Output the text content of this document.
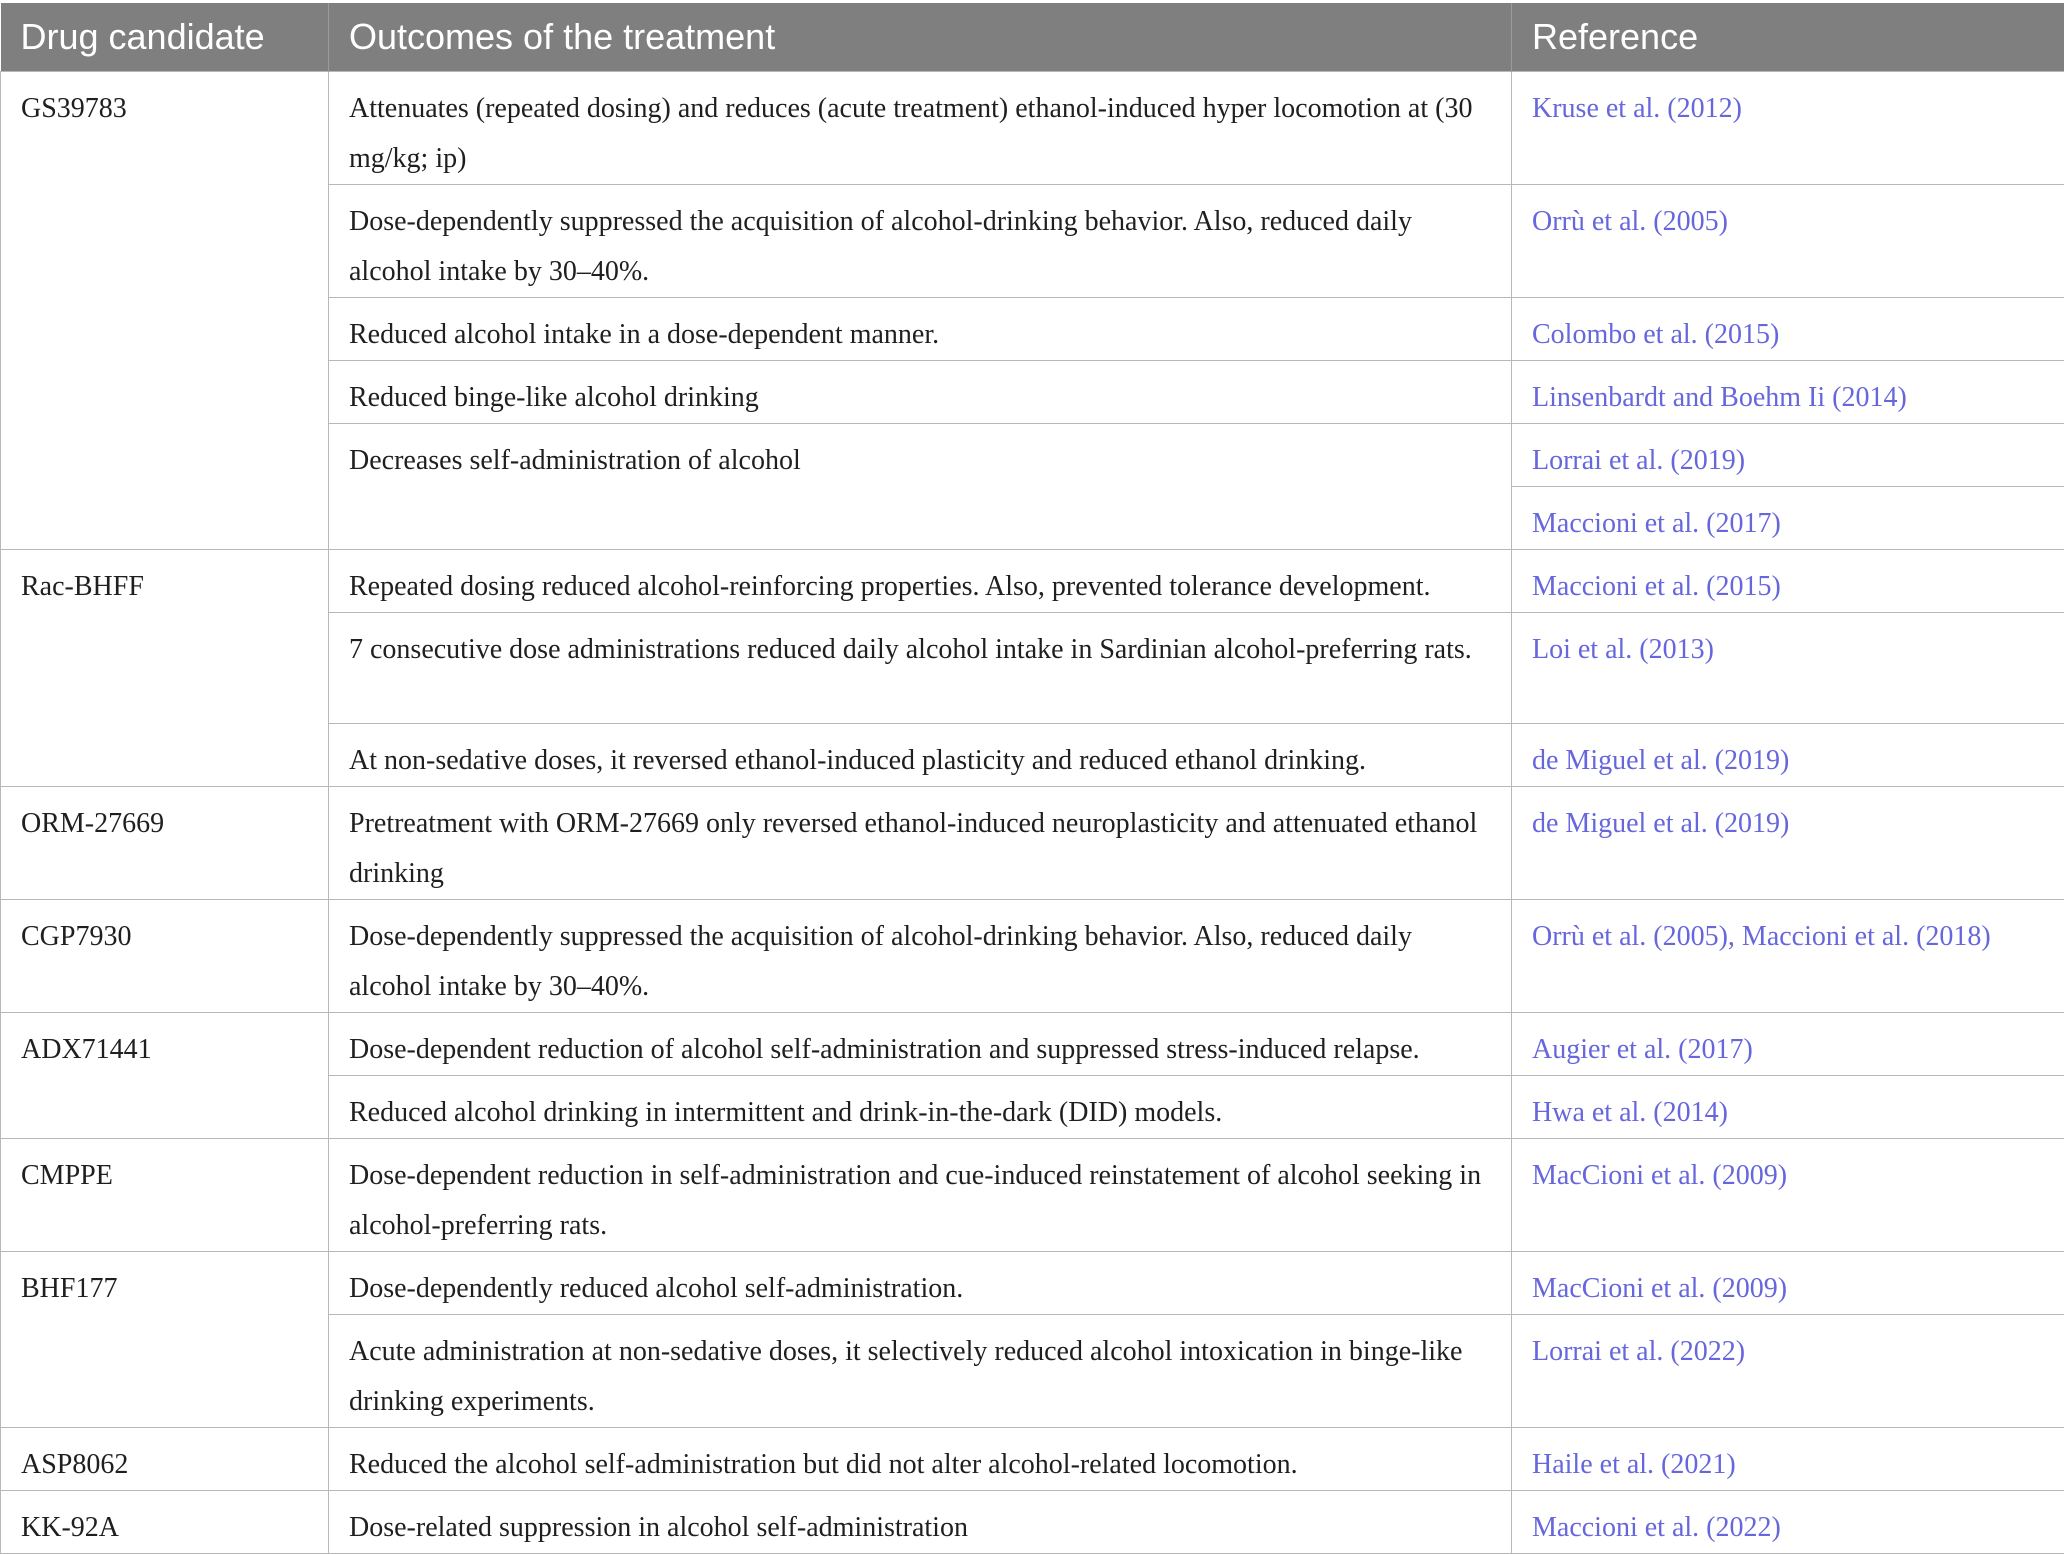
Drug candidate	Outcomes of the treatment	Reference
GS39783	Attenuates (repeated dosing) and reduces (acute treatment) ethanol-induced hyper locomotion at (30 mg/kg; ip)	Kruse et al. (2012)
	Dose-dependently suppressed the acquisition of alcohol-drinking behavior. Also, reduced daily alcohol intake by 30–40%.	Orrù et al. (2005)
	Reduced alcohol intake in a dose-dependent manner.	Colombo et al. (2015)
	Reduced binge-like alcohol drinking	Linsenbardt and Boehm Ii (2014)
	Decreases self-administration of alcohol	Lorrai et al. (2019)
		Maccioni et al. (2017)
Rac-BHFF	Repeated dosing reduced alcohol-reinforcing properties. Also, prevented tolerance development.	Maccioni et al. (2015)
	7 consecutive dose administrations reduced daily alcohol intake in Sardinian alcohol-preferring rats.	Loi et al. (2013)
	At non-sedative doses, it reversed ethanol-induced plasticity and reduced ethanol drinking.	de Miguel et al. (2019)
ORM-27669	Pretreatment with ORM-27669 only reversed ethanol-induced neuroplasticity and attenuated ethanol drinking	de Miguel et al. (2019)
CGP7930	Dose-dependently suppressed the acquisition of alcohol-drinking behavior. Also, reduced daily alcohol intake by 30–40%.	Orrù et al. (2005), Maccioni et al. (2018)
ADX71441	Dose-dependent reduction of alcohol self-administration and suppressed stress-induced relapse.	Augier et al. (2017)
	Reduced alcohol drinking in intermittent and drink-in-the-dark (DID) models.	Hwa et al. (2014)
CMPPE	Dose-dependent reduction in self-administration and cue-induced reinstatement of alcohol seeking in alcohol-preferring rats.	MacCioni et al. (2009)
BHF177	Dose-dependently reduced alcohol self-administration.	MacCioni et al. (2009)
	Acute administration at non-sedative doses, it selectively reduced alcohol intoxication in binge-like drinking experiments.	Lorrai et al. (2022)
ASP8062	Reduced the alcohol self-administration but did not alter alcohol-related locomotion.	Haile et al. (2021)
KK-92A	Dose-related suppression in alcohol self-administration	Maccioni et al. (2022)
